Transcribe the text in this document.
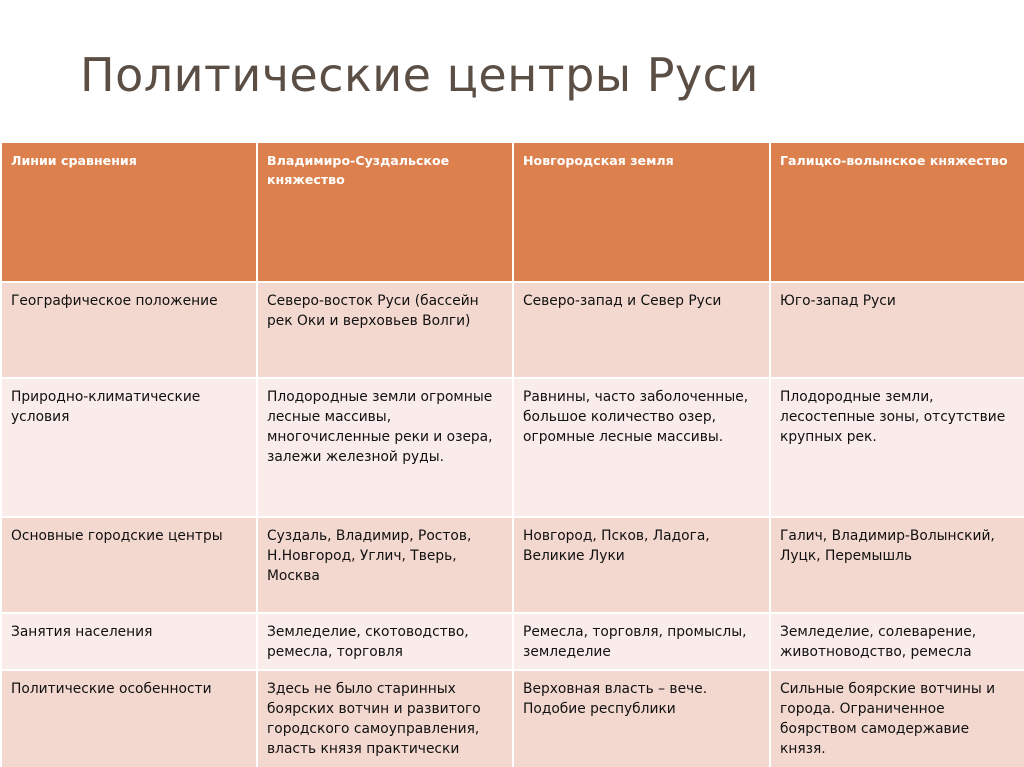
Политические центры Руси
Линии сравнения	Владимиро-Суздальское княжество	Новгородская земля	Галицко-волынское княжество
Географическое положение	Северо-восток Руси (бассейн рек Оки и верховьев Волги)	Северо-запад и Север Руси	Юго-запад Руси
Природно-климатические условия	Плодородные земли огромные лесные массивы, многочисленные реки и озера, залежи железной руды.	Равнины, часто заболоченные, большое количество озер, огромные лесные массивы.	Плодородные земли, лесостепные зоны, отсутствие крупных рек.
Основные городские центры	Суздаль, Владимир, Ростов, Н.Новгород, Углич, Тверь, Москва	Новгород, Псков, Ладога, Великие Луки	Галич, Владимир-Волынский, Луцк, Перемышль
Занятия населения	Земледелие, скотоводство, ремесла, торговля	Ремесла, торговля, промыслы, земледелие	Земледелие, солеварение, животноводство, ремесла
Политические особенности	Здесь не было старинных боярских вотчин и развитого городского самоуправления, власть князя практически	Верховная власть – вече. Подобие республики	Сильные боярские вотчины и города. Ограниченное боярством самодержавие князя.
